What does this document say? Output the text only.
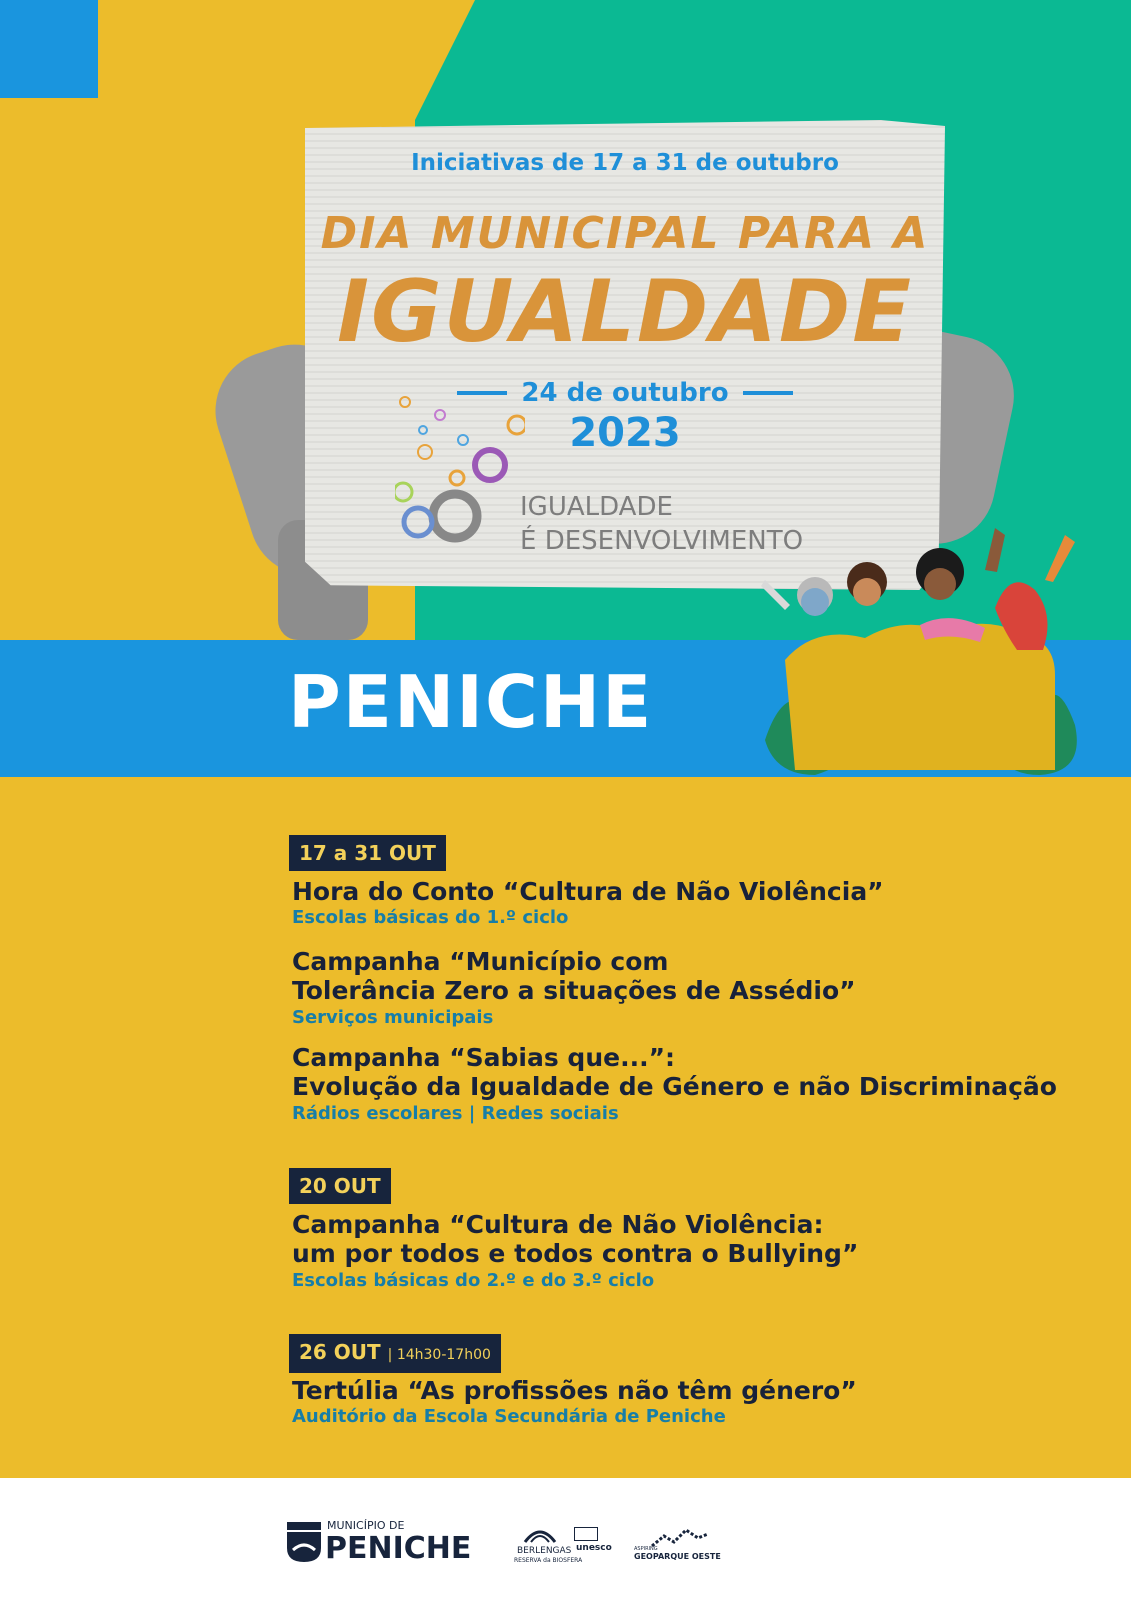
Iniciativas de 17 a 31 de outubro
DIA MUNICIPAL PARA A
IGUALDADE
24 de outubro
2023
IGUALDADE
É DESENVOLVIMENTO
PENICHE
17 a 31 OUT
Hora do Conto “Cultura de Não Violência”
Escolas básicas do 1.º ciclo
Campanha “Município com
Tolerância Zero a situações de Assédio”
Serviços municipais
Campanha “Sabias que...”:
Evolução da Igualdade de Género e não Discriminação
Rádios escolares | Redes sociais
20 OUT
Campanha “Cultura de Não Violência:
um por todos e todos contra o Bullying”
Escolas básicas do 2.º e do 3.º ciclo
26 OUT | 14h30-17h00
Tertúlia “As profissões não têm género”
Auditório da Escola Secundária de Peniche
MUNICÍPIO DE
PENICHE	BERLENGAS
RESERVA da BIOSFERA
unesco	ASPIRING
GEOPARQUE OESTE
